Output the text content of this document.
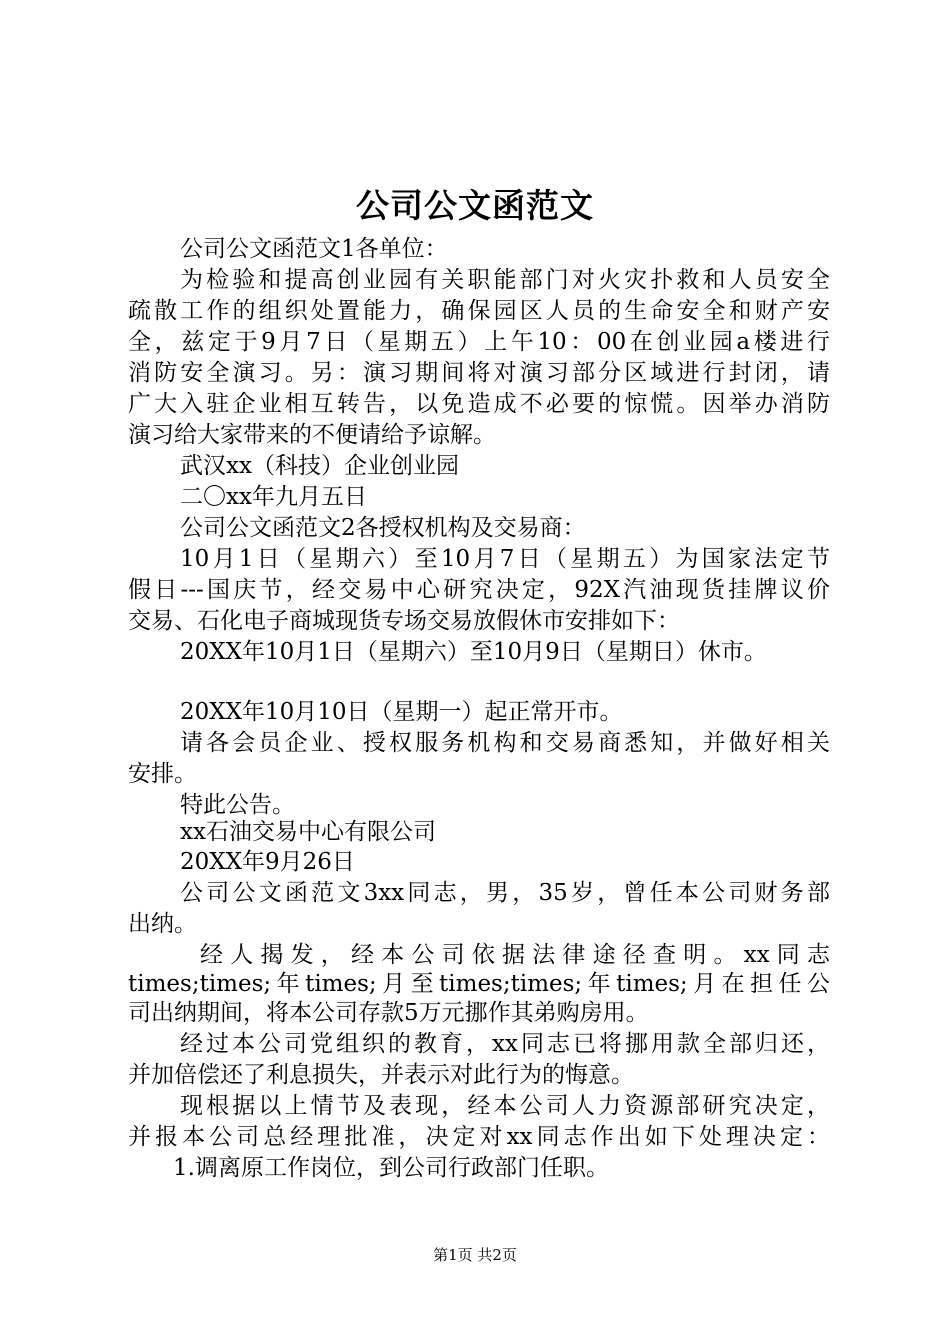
公司公文函范文
公司公文函范文1各单位：
为检验和提高创业园有关职能部门对火灾扑救和人员安全
疏散工作的组织处置能力，确保园区人员的生命安全和财产安
全，兹定于9月7日（星期五）上午10：00在创业园a楼进行
消防安全演习。另：演习期间将对演习部分区域进行封闭，请
广大入驻企业相互转告，以免造成不必要的惊慌。因举办消防
演习给大家带来的不便请给予谅解。
武汉xx（科技）企业创业园
二〇xx年九月五日
公司公文函范文2各授权机构及交易商：
10月1日（星期六）至10月7日（星期五）为国家法定节
假日---国庆节，经交易中心研究决定，92X汽油现货挂牌议价
交易、石化电子商城现货专场交易放假休市安排如下：
20XX年10月1日（星期六）至10月9日（星期日）休市。
20XX年10月10日（星期一）起正常开市。
请各会员企业、授权服务机构和交易商悉知，并做好相关
安排。
特此公告。
xx石油交易中心有限公司
20XX年9月26日
公司公文函范文3xx同志，男，35岁，曾任本公司财务部
出纳。
经人揭发，经本公司依据法律途径查明。xx同志
times;times;年times;月至times;times;年times;月在担任公
司出纳期间，将本公司存款5万元挪作其弟购房用。
经过本公司党组织的教育，xx同志已将挪用款全部归还，
并加倍偿还了利息损失，并表示对此行为的悔意。
现根据以上情节及表现，经本公司人力资源部研究决定，
并报本公司总经理批准，决定对xx同志作出如下处理决定：
1.调离原工作岗位，到公司行政部门任职。
第1页 共2页
